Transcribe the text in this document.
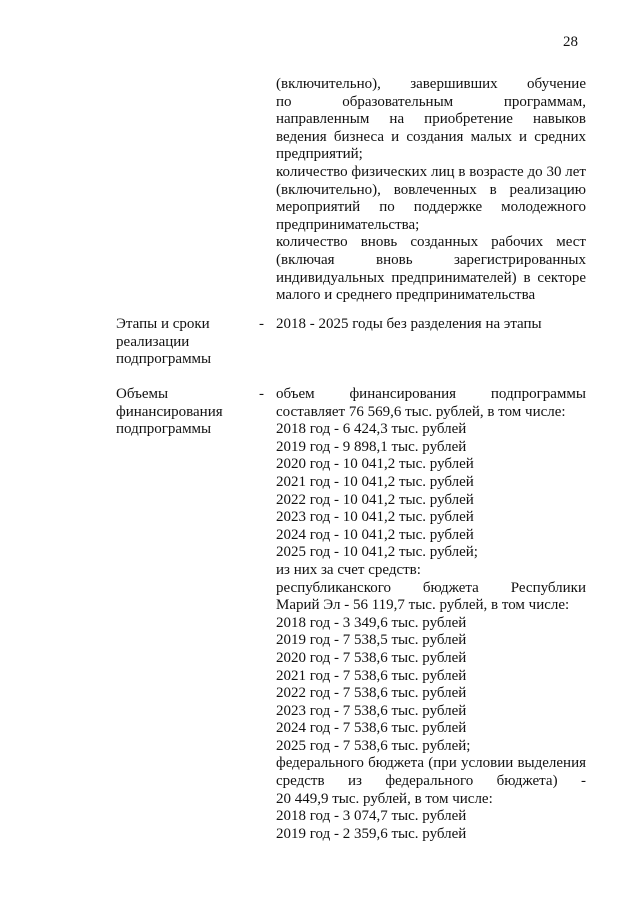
28
(включительно), завершивших обучение
по образовательным программам,
направленным на приобретение навыков
ведения бизнеса и создания малых и средних
предприятий;
количество физических лиц в возрасте до 30 лет
(включительно), вовлеченных в реализацию
мероприятий по поддержке молодежного
предпринимательства;
количество вновь созданных рабочих мест
(включая вновь зарегистрированных
индивидуальных предпринимателей) в секторе
малого и среднего предпринимательства
Этапы и сроки
реализации
подпрограммы
- 2018 - 2025 годы без разделения на этапы
Объемы
финансирования
подпрограммы
- объем финансирования подпрограммы
составляет 76 569,6 тыс. рублей, в том числе:
2018 год - 6 424,3 тыс. рублей
2019 год - 9 898,1 тыс. рублей
2020 год - 10 041,2 тыс. рублей
2021 год - 10 041,2 тыс. рублей
2022 год - 10 041,2 тыс. рублей
2023 год - 10 041,2 тыс. рублей
2024 год - 10 041,2 тыс. рублей
2025 год - 10 041,2 тыс. рублей;
из них за счет средств:
республиканского бюджета Республики
Марий Эл - 56 119,7 тыс. рублей, в том числе:
2018 год - 3 349,6 тыс. рублей
2019 год - 7 538,5 тыс. рублей
2020 год - 7 538,6 тыс. рублей
2021 год - 7 538,6 тыс. рублей
2022 год - 7 538,6 тыс. рублей
2023 год - 7 538,6 тыс. рублей
2024 год - 7 538,6 тыс. рублей
2025 год - 7 538,6 тыс. рублей;
федерального бюджета (при условии выделения
средств из федерального бюджета) -
20 449,9 тыс. рублей, в том числе:
2018 год - 3 074,7 тыс. рублей
2019 год - 2 359,6 тыс. рублей
